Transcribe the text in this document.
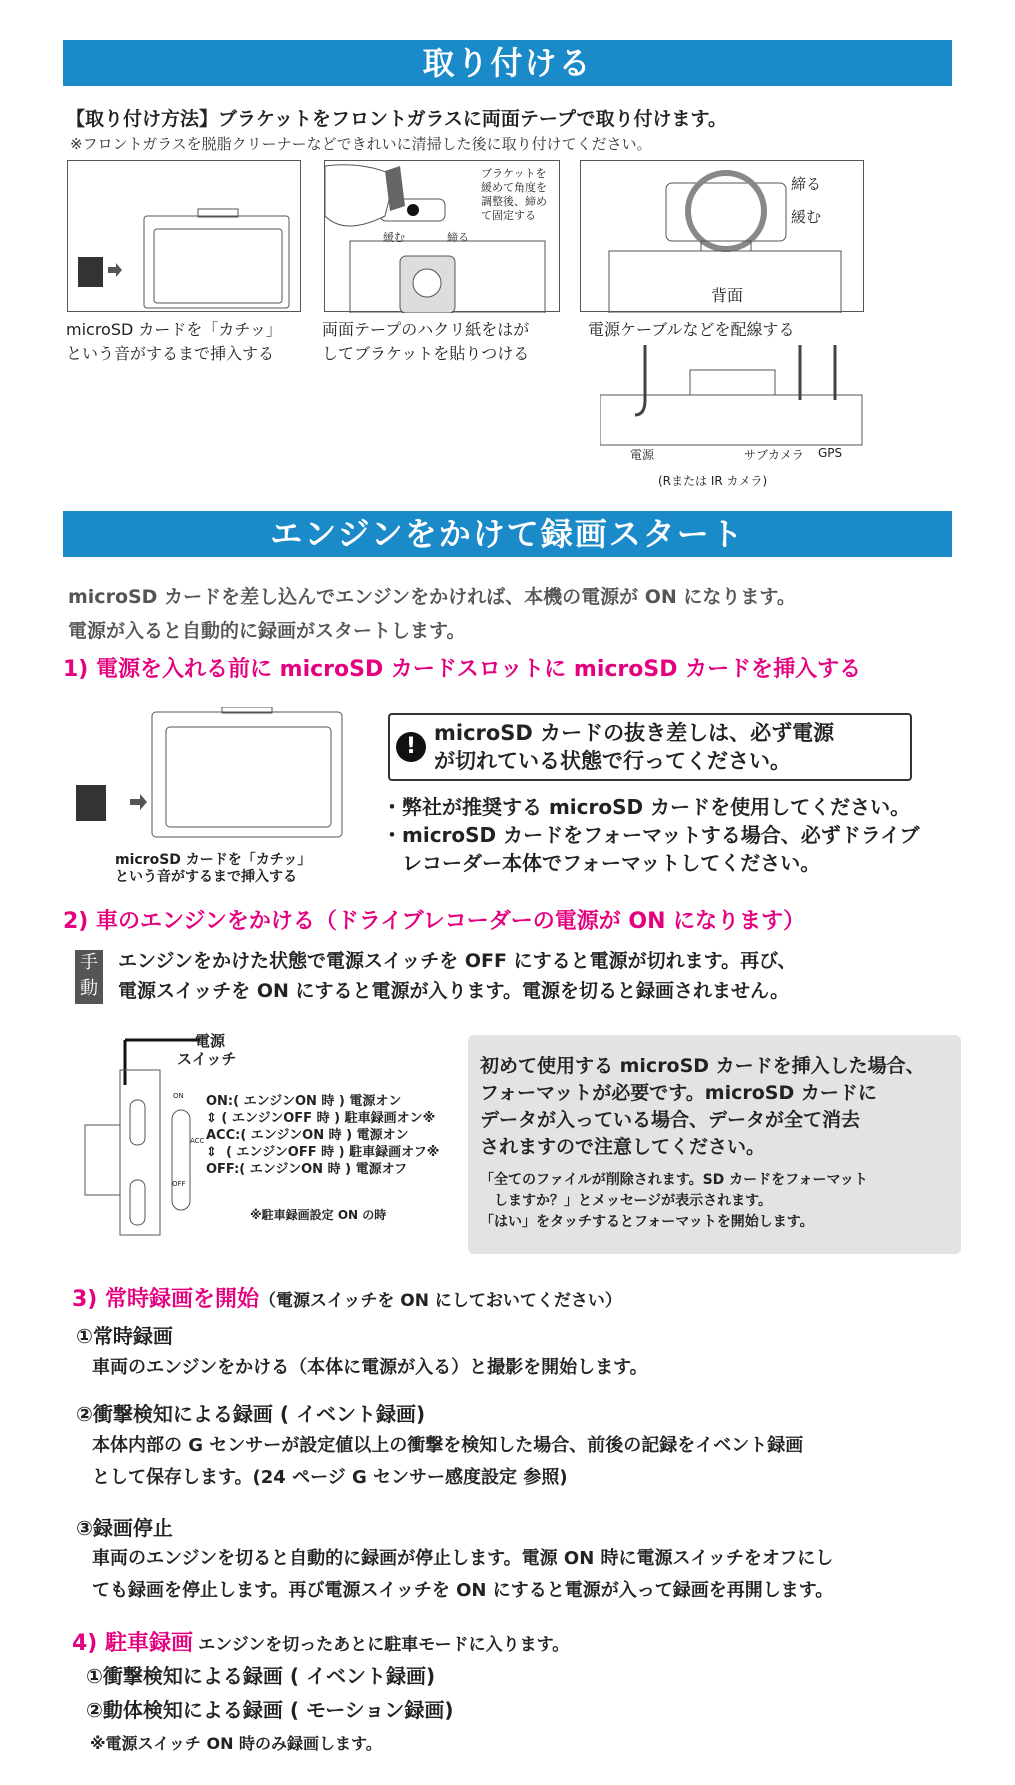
取り付ける
【取り付け方法】ブラケットをフロントガラスに両面テープで取り付けます。
※フロントガラスを脱脂クリーナーなどできれいに清掃した後に取り付けてください。
microSD カードを「カチッ」
という音がするまで挿入する
緩む	締る
ブラケットを
緩めて角度を
調整後、締め
て固定する
両面テープのハクリ紙をはが
してブラケットを貼りつける
締る
緩む
背面
電源ケーブルなどを配線する
電源	サブカメラ GPS
(Rまたは IR カメラ)
エンジンをかけて録画スタート
microSD カードを差し込んでエンジンをかければ、本機の電源が ON になります。
電源が入ると自動的に録画がスタートします。
1) 電源を入れる前に microSD カードスロットに microSD カードを挿入する
microSD カードを「カチッ」
という音がするまで挿入する
!
microSD カードの抜き差しは、必ず電源
が切れている状態で行ってください。
・弊社が推奨する microSD カードを使用してください。
・microSD カードをフォーマットする場合、必ずドライブ
　レコーダー本体でフォーマットしてください。
2) 車のエンジンをかける（ドライブレコーダーの電源が ON になります）
手
動
エンジンをかけた状態で電源スイッチを OFF にすると電源が切れます。再び、
電源スイッチを ON にすると電源が入ります。電源を切ると録画されません。
電源
スイッチ
ON
ACC
OFF
ON:( エンジンON 時 ) 電源オン
⇕ ( エンジンOFF 時 ) 駐車録画オン※
ACC:( エンジンON 時 ) 電源オン
⇕  ( エンジンOFF 時 ) 駐車録画オフ※
OFF:( エンジンON 時 ) 電源オフ
※駐車録画設定 ON の時
初めて使用する microSD カードを挿入した場合、
フォーマットが必要です。microSD カードに
データが入っている場合、データが全て消去
されますので注意してください。
「全てのファイルが削除されます。SD カードをフォーマット
　しますか？」とメッセージが表示されます。
「はい」をタッチするとフォーマットを開始します。
3) 常時録画を開始（電源スイッチを ON にしておいてください）
①常時録画
車両のエンジンをかける（本体に電源が入る）と撮影を開始します。
②衝撃検知による録画 ( イベント録画)
本体内部の G センサーが設定値以上の衝撃を検知した場合、前後の記録をイベント録画
として保存します。(24 ページ G センサー感度設定 参照)
③録画停止
車両のエンジンを切ると自動的に録画が停止します。電源 ON 時に電源スイッチをオフにし
ても録画を停止します。再び電源スイッチを ON にすると電源が入って録画を再開します。
4) 駐車録画 エンジンを切ったあとに駐車モードに入ります。
①衝撃検知による録画 ( イベント録画)
②動体検知による録画 ( モーション録画)
※電源スイッチ ON 時のみ録画します。
